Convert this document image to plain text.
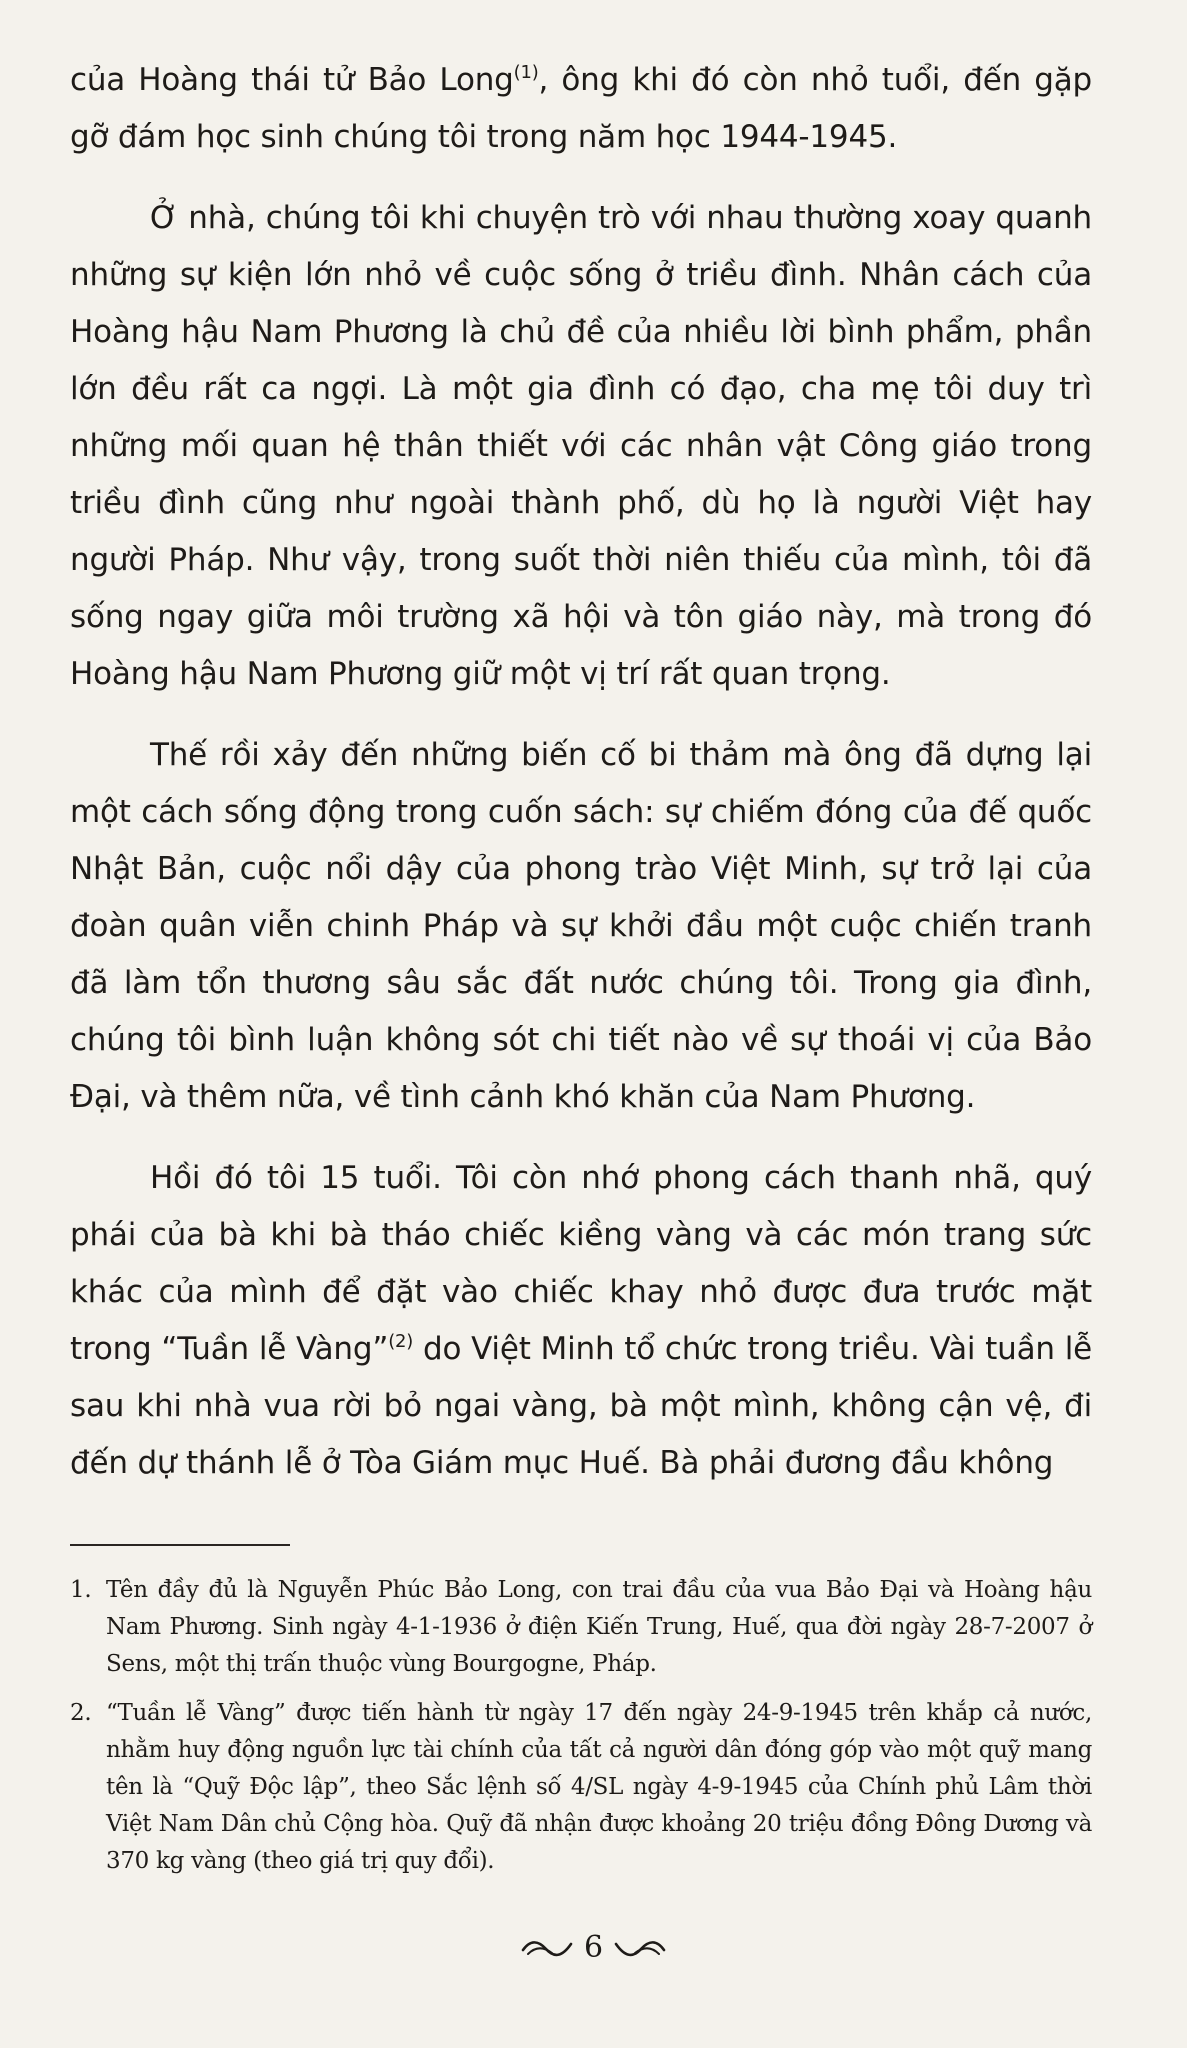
của Hoàng thái tử Bảo Long$^{(1)}$, ông khi đó còn nhỏ tuổi, đến gặp gỡ đám học sinh chúng tôi trong năm học 1944-1945.

Ở nhà, chúng tôi khi chuyện trò với nhau thường xoay quanh những sự kiện lớn nhỏ về cuộc sống ở triều đình. Nhân cách của Hoàng hậu Nam Phương là chủ đề của nhiều lời bình phẩm, phần lớn đều rất ca ngợi. Là một gia đình có đạo, cha mẹ tôi duy trì những mối quan hệ thân thiết với các nhân vật Công giáo trong triều đình cũng như ngoài thành phố, dù họ là người Việt hay người Pháp. Như vậy, trong suốt thời niên thiếu của mình, tôi đã sống ngay giữa môi trường xã hội và tôn giáo này, mà trong đó Hoàng hậu Nam Phương giữ một vị trí rất quan trọng.

Thế rồi xảy đến những biến cố bi thảm mà ông đã dựng lại một cách sống động trong cuốn sách: sự chiếm đóng của đế quốc Nhật Bản, cuộc nổi dậy của phong trào Việt Minh, sự trở lại của đoàn quân viễn chinh Pháp và sự khởi đầu một cuộc chiến tranh đã làm tổn thương sâu sắc đất nước chúng tôi. Trong gia đình, chúng tôi bình luận không sót chi tiết nào về sự thoái vị của Bảo Đại, và thêm nữa, về tình cảnh khó khăn của Nam Phương.

Hồi đó tôi 15 tuổi. Tôi còn nhớ phong cách thanh nhã, quý phái của bà khi bà tháo chiếc kiềng vàng và các món trang sức khác của mình để đặt vào chiếc khay nhỏ được đưa trước mặt trong “Tuần lễ Vàng”$^{(2)}$ do Việt Minh tổ chức trong triều. Vài tuần lễ sau khi nhà vua rời bỏ ngai vàng, bà một mình, không cận vệ, đi đến dự thánh lễ ở Tòa Giám mục Huế. Bà phải đương đầu không

1. Tên đầy đủ là Nguyễn Phúc Bảo Long, con trai đầu của vua Bảo Đại và Hoàng hậu Nam Phương. Sinh ngày 4-1-1936 ở điện Kiến Trung, Huế, qua đời ngày 28-7-2007 ở Sens, một thị trấn thuộc vùng Bourgogne, Pháp.
2. “Tuần lễ Vàng” được tiến hành từ ngày 17 đến ngày 24-9-1945 trên khắp cả nước, nhằm huy động nguồn lực tài chính của tất cả người dân đóng góp vào một quỹ mang tên là “Quỹ Độc lập”, theo Sắc lệnh số 4/SL ngày 4-9-1945 của Chính phủ Lâm thời Việt Nam Dân chủ Cộng hòa. Quỹ đã nhận được khoảng 20 triệu đồng Đông Dương và 370 kg vàng (theo giá trị quy đổi).
6
